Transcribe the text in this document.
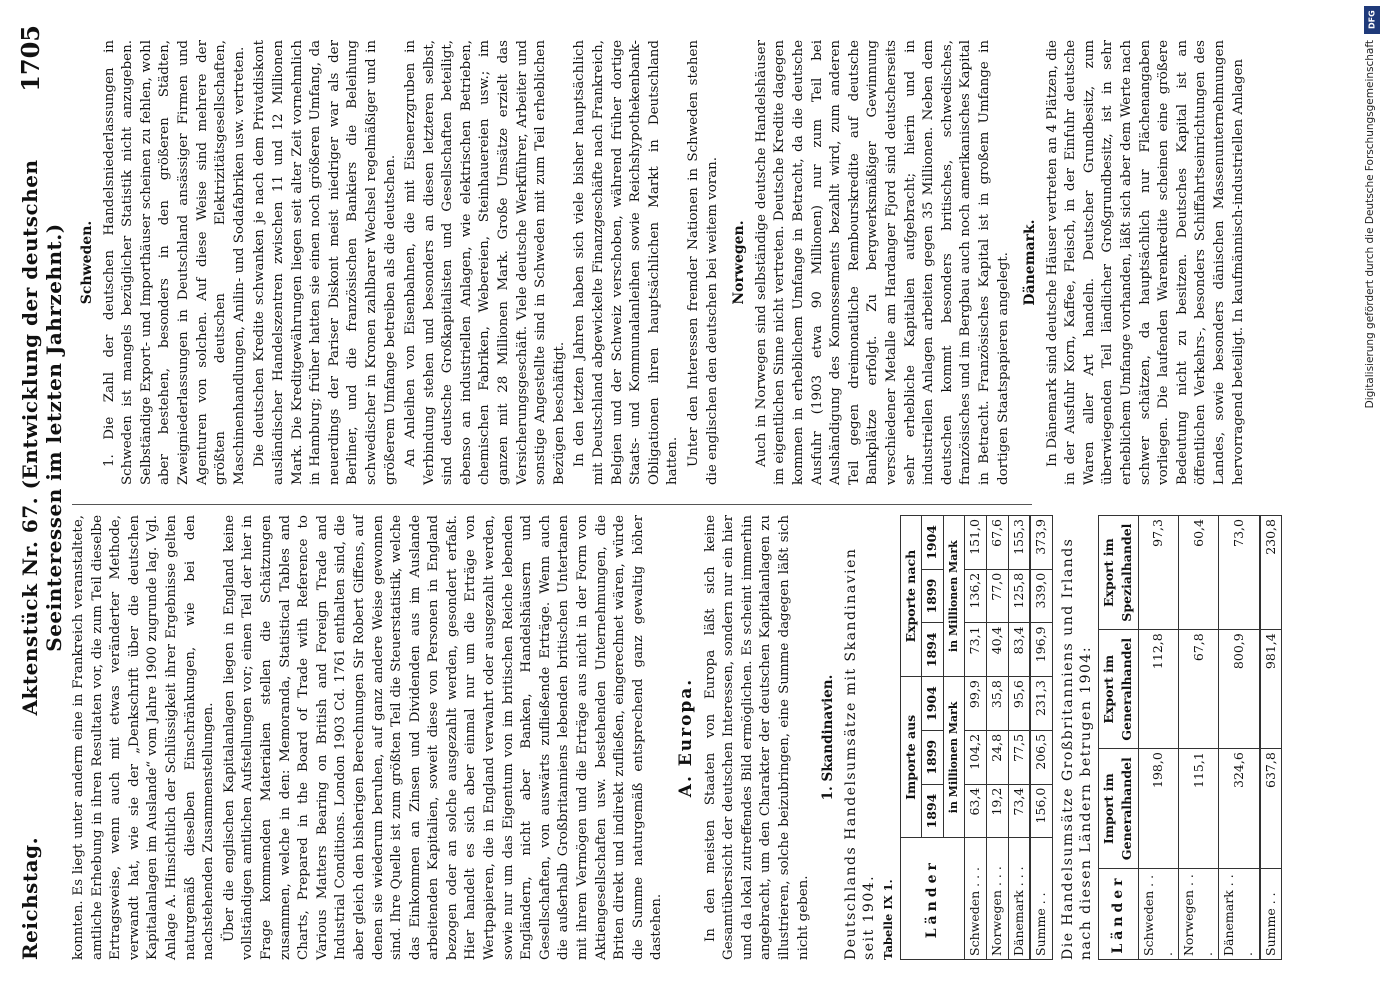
Reichstag.
Aktenstück Nr. 67. (Entwicklung der deutschen Seeinteressen im letzten Jahrzehnt.)
1705

konnten. Es liegt unter anderm eine in Frankreich veranstaltete, amtliche Erhebung in ihren Resultaten vor, die zum Teil dieselbe Ertragsweise, wenn auch mit etwas veränderter Methode, verwandt hat, wie sie der „Denkschrift über die deutschen Kapitalanlagen im Auslande“ vom Jahre 1900 zugrunde lag. Vgl. Anlage A. Hinsichtlich der Schlüssigkeit ihrer Ergebnisse gelten naturgemäß dieselben Einschränkungen, wie bei den nachstehenden Zusammenstellungen. Über die englischen Kapitalanlagen liegen in England keine vollständigen amtlichen Aufstellungen vor; einen Teil der hier in Frage kommenden Materialien stellen die Schätzungen zusammen, welche in den: Memoranda, Statistical Tables and Charts, Prepared in the Board of Trade with Reference to Various Matters Bearing on British and Foreign Trade and Industrial Conditions. London 1903 Cd. 1761 enthalten sind, die aber gleich den bisherigen Berechnungen Sir Robert Giffens, auf denen sie wiederum beruhen, auf ganz andere Weise gewonnen sind. Ihre Quelle ist zum größten Teil die Steuerstatistik, welche das Einkommen an Zinsen und Dividenden aus im Auslande arbeitenden Kapitalien, soweit diese von Personen in England bezogen oder an solche ausgezahlt werden, gesondert erfaßt. Hier handelt es sich aber einmal nur um die Erträge von Wertpapieren, die in England verwahrt oder ausgezahlt werden, sowie nur um das Eigentum von im britischen Reiche lebenden Engländern, nicht aber Banken, Handelshäusern und Gesellschaften, von auswärts zufließende Erträge. Wenn auch die außerhalb Großbritanniens lebenden britischen Untertanen mit ihrem Vermögen und die Erträge aus nicht in der Form von Aktiengesellschaften usw. bestehenden Unternehmungen, die Briten direkt und indirekt zufließen, eingerechnet wären, würde die Summe naturgemäß entsprechend ganz gewaltig höher dastehen.

A. Europa. In den meisten Staaten von Europa läßt sich keine Gesamtübersicht der deutschen Interessen, sondern nur ein hier und da lokal zutreffendes Bild ermöglichen. Es scheint immerhin angebracht, um den Charakter der deutschen Kapitalanlagen zu illustrieren, solche beizubringen, eine Summe dagegen läßt sich nicht geben.

1. Skandinavien. Deutschlands Handelsumsätze mit Skandinavien seit 1904. Tabelle IX 1. Länder	Importe aus			Exporte nach		
	1894	1899	1904	1894	1899	1904
	in Millionen Mark			in Millionen Mark		
Schweden . . .	63,4	104,2	99,9	73,1	136,2	151,0
Norwegen . . .	19,2	24,8	35,8	40,4	77,0	67,6
Dänemark . . .	73,4	77,5	95,6	83,4	125,8	155,3
Summe . .	156,0	206,5	231,3	196,9	339,0	373,9

Die Handelsumsätze Großbritanniens und Irlands nach diesen Ländern betrugen 1904: Länder	Import im Generalhandel	Export im Generalhandel	Export im Spezialhandel
Schweden . . .	198,0	112,8	97,3
Norwegen . . .	115,1	67,8	60,4
Dänemark . . .	324,6	800,9	73,0
Summe . .	637,8	981,4	230,8
Schweden. 1. Die Zahl der deutschen Handelsniederlassungen in Schweden ist mangels bezüglicher Statistik nicht anzugeben. Selbständige Export- und Importhäuser scheinen zu fehlen, wohl aber bestehen, besonders in den größeren Städten, Zweigniederlassungen in Deutschland ansässiger Firmen und Agenturen von solchen. Auf diese Weise sind mehrere der größten deutschen Elektrizitätsgesellschaften, Maschinenhandlungen, Anilin- und Sodafabriken usw. vertreten. Die deutschen Kredite schwanken je nach dem Privatdiskont ausländischer Handelszentren zwischen 11 und 12 Millionen Mark. Die Kreditgewährungen liegen seit alter Zeit vornehmlich in Hamburg; früher hatten sie einen noch größeren Umfang, da neuerdings der Pariser Diskont meist niedriger war als der Berliner, und die französischen Bankiers die Beleihung schwedischer in Kronen zahlbarer Wechsel regelmäßiger und in größerem Umfange betreiben als die deutschen. An Anleihen von Eisenbahnen, die mit Eisenerzgruben in Verbindung stehen und besonders an diesen letzteren selbst, sind deutsche Großkapitalisten und Gesellschaften beteiligt, ebenso an industriellen Anlagen, wie elektrischen Betrieben, chemischen Fabriken, Webereien, Steinhauereien usw.; im ganzen mit 28 Millionen Mark. Große Umsätze erzielt das Versicherungsgeschäft. Viele deutsche Werkführer, Arbeiter und sonstige Angestellte sind in Schweden mit zum Teil erheblichen Bezügen beschäftigt. In den letzten Jahren haben sich viele bisher hauptsächlich mit Deutschland abgewickelte Finanzgeschäfte nach Frankreich, Belgien und der Schweiz verschoben, während früher dortige Staats- und Kommunalanleihen sowie Reichshypothekenbank-Obligationen ihren hauptsächlichen Markt in Deutschland hatten. Unter den Interessen fremder Nationen in Schweden stehen die englischen den deutschen bei weitem voran. Norwegen. Auch in Norwegen sind selbständige deutsche Handelshäuser im eigentlichen Sinne nicht vertreten. Deutsche Kredite dagegen kommen in erheblichem Umfange in Betracht, da die deutsche Ausfuhr (1903 etwa 90 Millionen) nur zum Teil bei Aushändigung des Konnossements bezahlt wird, zum anderen Teil gegen dreimonatliche Rembourskredite auf deutsche Bankplätze erfolgt. Zu bergwerksmäßiger Gewinnung verschiedener Metalle am Hardanger Fjord sind deutscherseits sehr erhebliche Kapitalien aufgebracht; hierin und in industriellen Anlagen arbeiten gegen 35 Millionen. Neben dem deutschen kommt besonders britisches, schwedisches, französisches und im Bergbau auch noch amerikanisches Kapital in Betracht. Französisches Kapital ist in großem Umfange in dortigen Staatspapieren angelegt. Dänemark. In Dänemark sind deutsche Häuser vertreten an 4 Plätzen, die in der Ausfuhr Korn, Kaffee, Fleisch, in der Einfuhr deutsche Waren aller Art handeln. Deutscher Grundbesitz, zum überwiegenden Teil ländlicher Großgrundbesitz, ist in sehr erheblichem Umfange vorhanden, läßt sich aber dem Werte nach schwer schätzen, da hauptsächlich nur Flächenangaben vorliegen. Die laufenden Warenkredite scheinen eine größere Bedeutung nicht zu besitzen. Deutsches Kapital ist an öffentlichen Verkehrs-, besonders Schiffahrtseinrichtungen des Landes, sowie besonders dänischen Massenunternehmungen hervorragend beteiligt. In kaufmännisch-industriellen Anlagen

DFG
Digitalisierung gefördert durch die Deutsche Forschungsgemeinschaft
